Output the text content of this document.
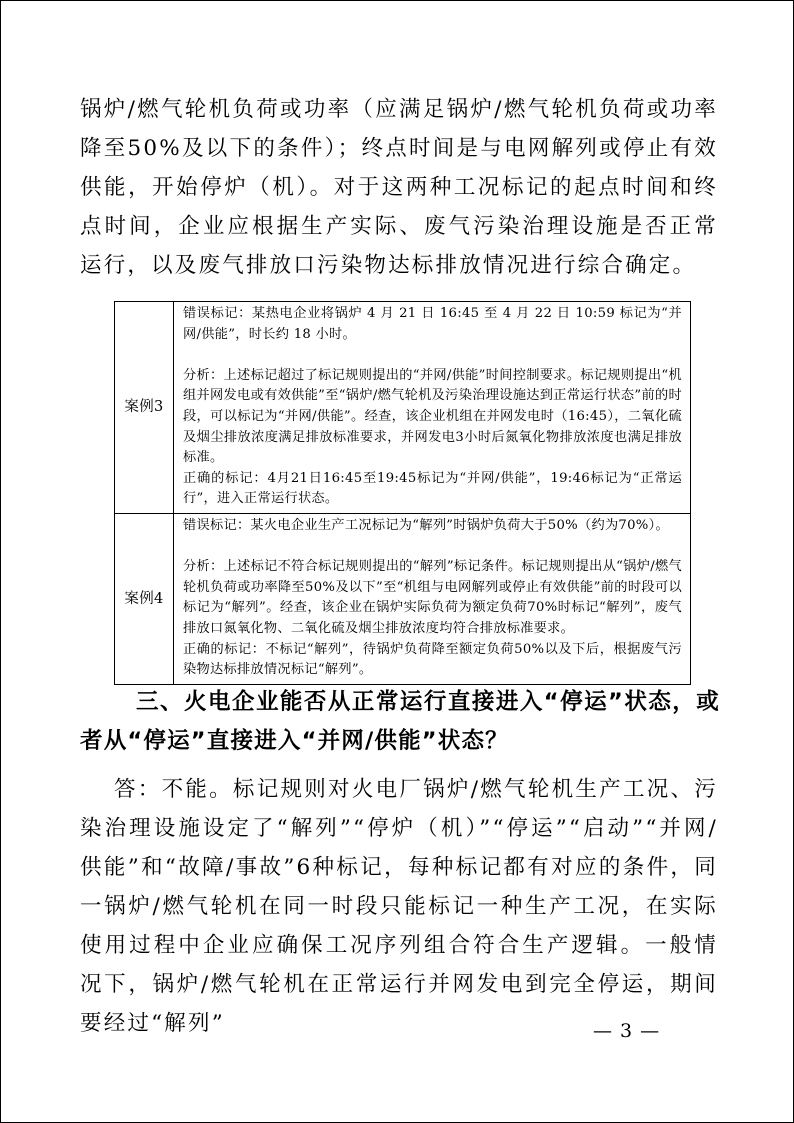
锅炉/燃气轮机负荷或功率（应满足锅炉/燃气轮机负荷或功率降至50%及以下的条件）；终点时间是与电网解列或停止有效供能，开始停炉（机）。对于这两种工况标记的起点时间和终点时间，企业应根据生产实际、废气污染治理设施是否正常运行，以及废气排放口污染物达标排放情况进行综合确定。
案例3	错误标记：某热电企业将锅炉 4 月 21 日 16:45 至 4 月 22 日 10:59 标记为“并网/供能”，时长约 18 小时。

分析：上述标记超过了标记规则提出的“并网/供能”时间控制要求。标记规则提出“机组并网发电或有效供能”至“锅炉/燃气轮机及污染治理设施达到正常运行状态”前的时段，可以标记为“并网/供能”。经查，该企业机组在并网发电时（16:45），二氧化硫及烟尘排放浓度满足排放标准要求，并网发电3小时后氮氧化物排放浓度也满足排放标准。

正确的标记：4月21日16:45至19:45标记为“并网/供能”，19:46标记为“正常运行”，进入正常运行状态。

案例4	错误标记：某火电企业生产工况标记为“解列”时锅炉负荷大于50%（约为70%）。

分析：上述标记不符合标记规则提出的“解列”标记条件。标记规则提出从“锅炉/燃气轮机负荷或功率降至50%及以下”至“机组与电网解列或停止有效供能”前的时段可以标记为“解列”。经查，该企业在锅炉实际负荷为额定负荷70%时标记“解列”，废气排放口氮氧化物、二氧化硫及烟尘排放浓度均符合排放标准要求。

正确的标记：不标记“解列”，待锅炉负荷降至额定负荷50%以及下后，根据废气污染物达标排放情况标记“解列”。

三、火电企业能否从正常运行直接进入“停运”状态，或者从“停运”直接进入“并网/供能”状态？
答：不能。标记规则对火电厂锅炉/燃气轮机生产工况、污染治理设施设定了“解列”“停炉（机）”“停运”“启动”“并网/供能”和“故障/事故”6种标记，每种标记都有对应的条件，同一锅炉/燃气轮机在同一时段只能标记一种生产工况，在实际使用过程中企业应确保工况序列组合符合生产逻辑。一般情况下，锅炉/燃气轮机在正常运行并网发电到完全停运，期间要经过“解列”	— 3 —
